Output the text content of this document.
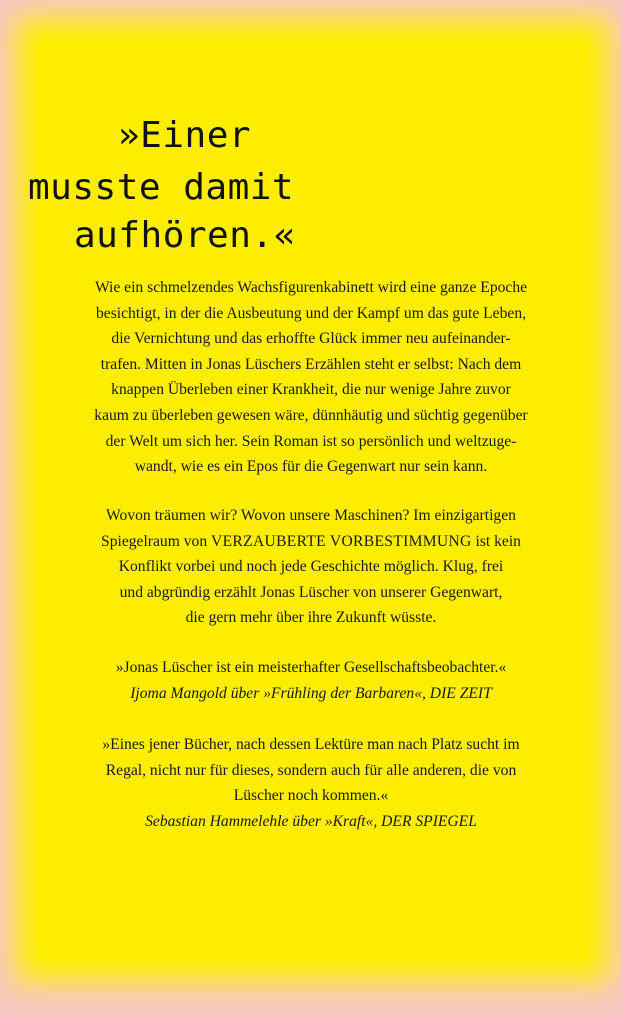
»Einer
musste damit
aufhören.«
Wie ein schmelzendes Wachsfigurenkabinett wird eine ganze Epoche
besichtigt, in der die Ausbeutung und der Kampf um das gute Leben,
die Vernichtung und das erhoffte Glück immer neu aufeinander-
trafen. Mitten in Jonas Lüschers Erzählen steht er selbst: Nach dem
knappen Überleben einer Krankheit, die nur wenige Jahre zuvor
kaum zu überleben gewesen wäre, dünnhäutig und süchtig gegenüber
der Welt um sich her. Sein Roman ist so persönlich und weltzuge-
wandt, wie es ein Epos für die Gegenwart nur sein kann.
Wovon träumen wir? Wovon unsere Maschinen? Im einzigartigen
Spiegelraum von VERZAUBERTE VORBESTIMMUNG ist kein
Konflikt vorbei und noch jede Geschichte möglich. Klug, frei
und abgründig erzählt Jonas Lüscher von unserer Gegenwart,
die gern mehr über ihre Zukunft wüsste.
»Jonas Lüscher ist ein meisterhafter Gesellschaftsbeobachter.«
Ijoma Mangold über »Frühling der Barbaren«, DIE ZEIT
»Eines jener Bücher, nach dessen Lektüre man nach Platz sucht im
Regal, nicht nur für dieses, sondern auch für alle anderen, die von
Lüscher noch kommen.«
Sebastian Hammelehle über »Kraft«, DER SPIEGEL
